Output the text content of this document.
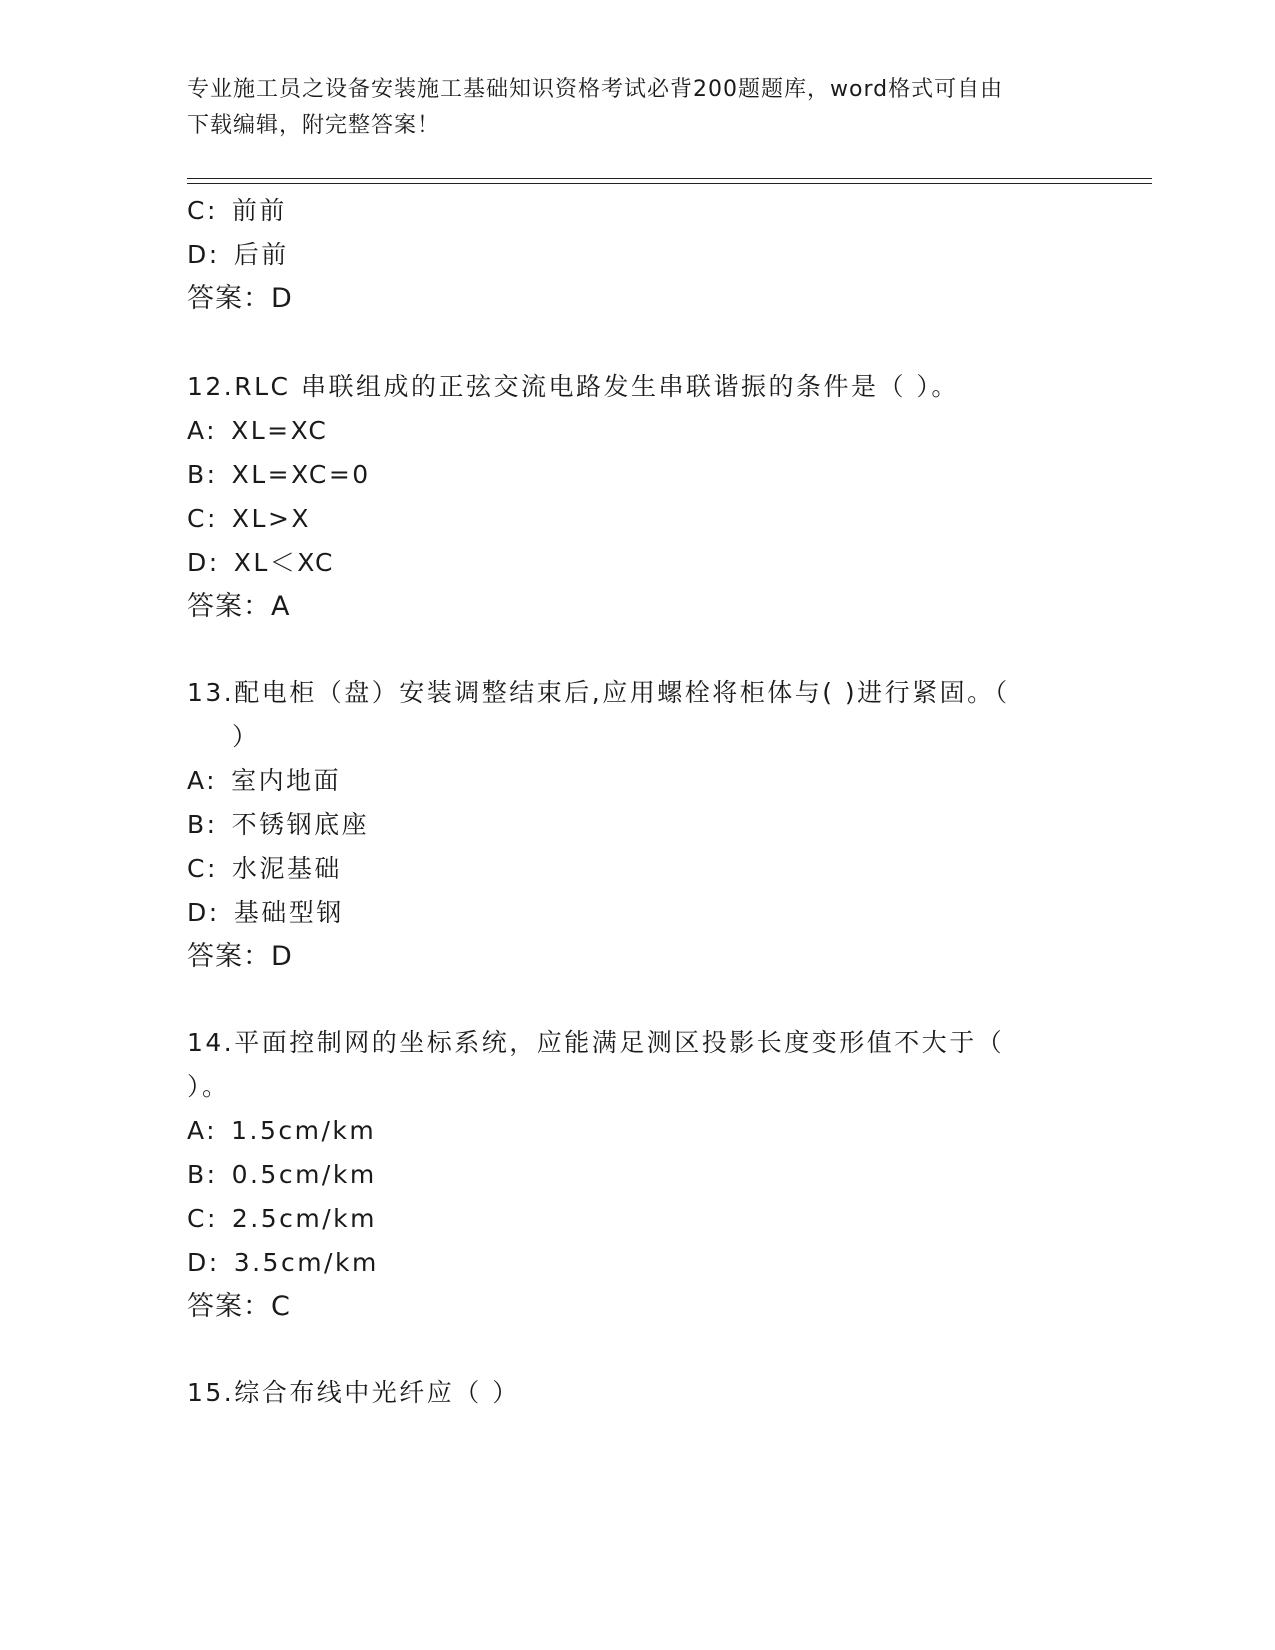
专业施工员之设备安装施工基础知识资格考试必背200题题库，word格式可自由
下载编辑，附完整答案！
C: 前前
D: 后前
答案：D
12.RLC 串联组成的正弦交流电路发生串联谐振的条件是（ ）。
A: XL=XC
B: XL=XC=0
C: XL>X
D: XL＜XC
答案：A
13.配电柜（盘）安装调整结束后,应用螺栓将柜体与( )进行紧固。（
）
A: 室内地面
B: 不锈钢底座
C: 水泥基础
D: 基础型钢
答案：D
14.平面控制网的坐标系统，应能满足测区投影长度变形值不大于（
）。
A: 1.5cm/km
B: 0.5cm/km
C: 2.5cm/km
D: 3.5cm/km
答案：C
15.综合布线中光纤应（ ）
